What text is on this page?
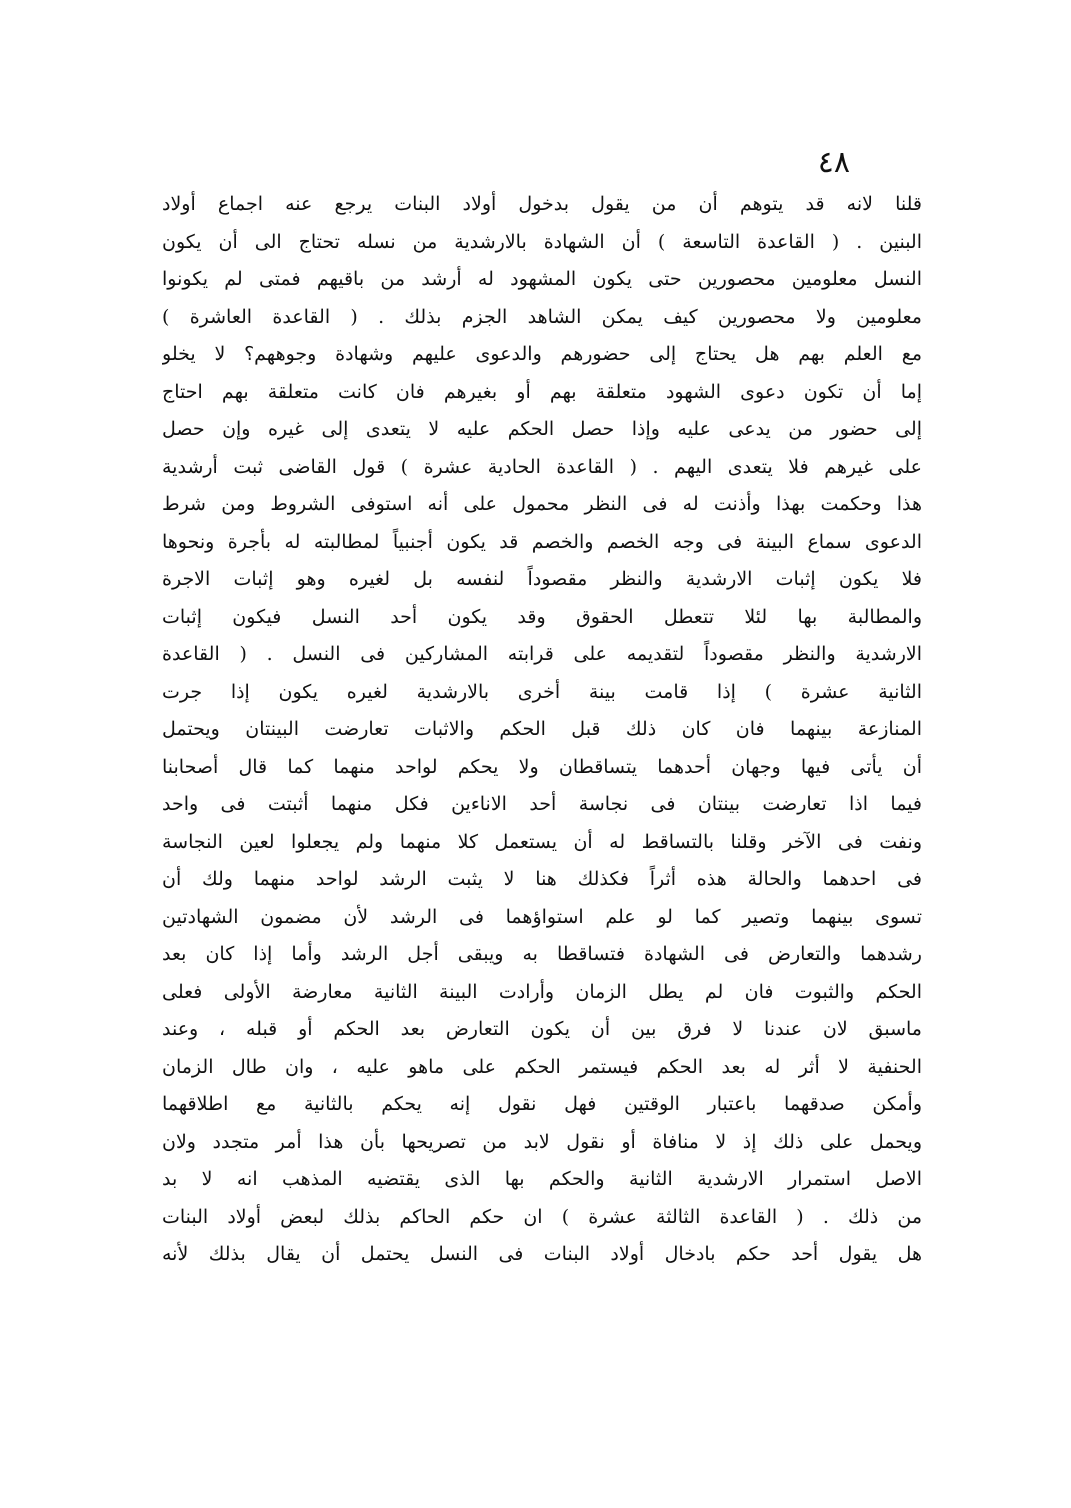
٤٨
قلنا لانه قد يتوهم أن من يقول بدخول أولاد البنات يرجع عنه اجماع أولاد
البنين . ( القاعدة التاسعة ) أن الشهادة بالارشدية من نسله تحتاج الى أن يكون
النسل معلومين محصورين حتى يكون المشهود له أرشد من باقيهم فمتى لم يكونوا
معلومين ولا محصورين كيف يمكن الشاهد الجزم بذلك . ( القاعدة العاشرة )
مع العلم بهم هل يحتاج إلى حضورهم والدعوى عليهم وشهادة وجوههم؟ لا يخلو
إما أن تكون دعوى الشهود متعلقة بهم أو بغيرهم فان كانت متعلقة بهم احتاج
إلى حضور من يدعى عليه وإذا حصل الحكم عليه لا يتعدى إلى غيره وإن حصل
على غيرهم فلا يتعدى اليهم . ( القاعدة الحادية عشرة ) قول القاضى ثبت أرشدية
هذا وحكمت بهذا وأذنت له فى النظر محمول على أنه استوفى الشروط ومن شرط
الدعوى سماع البينة فى وجه الخصم والخصم قد يكون أجنبياً لمطالبته له بأجرة ونحوها
فلا يكون إثبات الارشدية والنظر مقصوداً لنفسه بل لغيره وهو إثبات الاجرة
والمطالبة بها لئلا تتعطل الحقوق وقد يكون أحد النسل فيكون إثبات
الارشدية والنظر مقصوداً لتقديمه على قرابته المشاركين فى النسل . ( القاعدة
الثانية عشرة ) إذا قامت بينة أخرى بالارشدية لغيره يكون إذا جرت
المنازعة بينهما فان كان ذلك قبل الحكم والاثبات تعارضت البينتان ويحتمل
أن يأتى فيها وجهان أحدهما يتساقطان ولا يحكم لواحد منهما كما قال أصحابنا
فيما اذا تعارضت بينتان فى نجاسة أحد الاناءين فكل منهما أثبتت فى واحد
ونفت فى الآخر وقلنا بالتساقط له أن يستعمل كلا منهما ولم يجعلوا لعين النجاسة
فى احدهما والحالة هذه أثراً فكذلك هنا لا يثبت الرشد لواحد منهما ولك أن
تسوى بينهما وتصير كما لو علم استواؤهما فى الرشد لأن مضمون الشهادتين
رشدهما والتعارض فى الشهادة فتساقطا به ويبقى أجل الرشد وأما إذا كان بعد
الحكم والثبوت فان لم يطل الزمان وأرادت البينة الثانية معارضة الأولى فعلى
ماسبق لان عندنا لا فرق بين أن يكون التعارض بعد الحكم أو قبله ، وعند
الحنفية لا أثر له بعد الحكم فيستمر الحكم على ماهو عليه ، وان طال الزمان
وأمكن صدقهما باعتبار الوقتين فهل نقول إنه يحكم بالثانية مع اطلاقهما
ويحمل على ذلك إذ لا منافاة أو نقول لابد من تصريحها بأن هذا أمر متجدد ولان
الاصل استمرار الارشدية الثانية والحكم بها الذى يقتضيه المذهب انه لا بد
من ذلك . ( القاعدة الثالثة عشرة ) ان حكم الحاكم بذلك لبعض أولاد البنات
هل يقول أحد حكم بادخال أولاد البنات فى النسل يحتمل أن يقال بذلك لأنه
